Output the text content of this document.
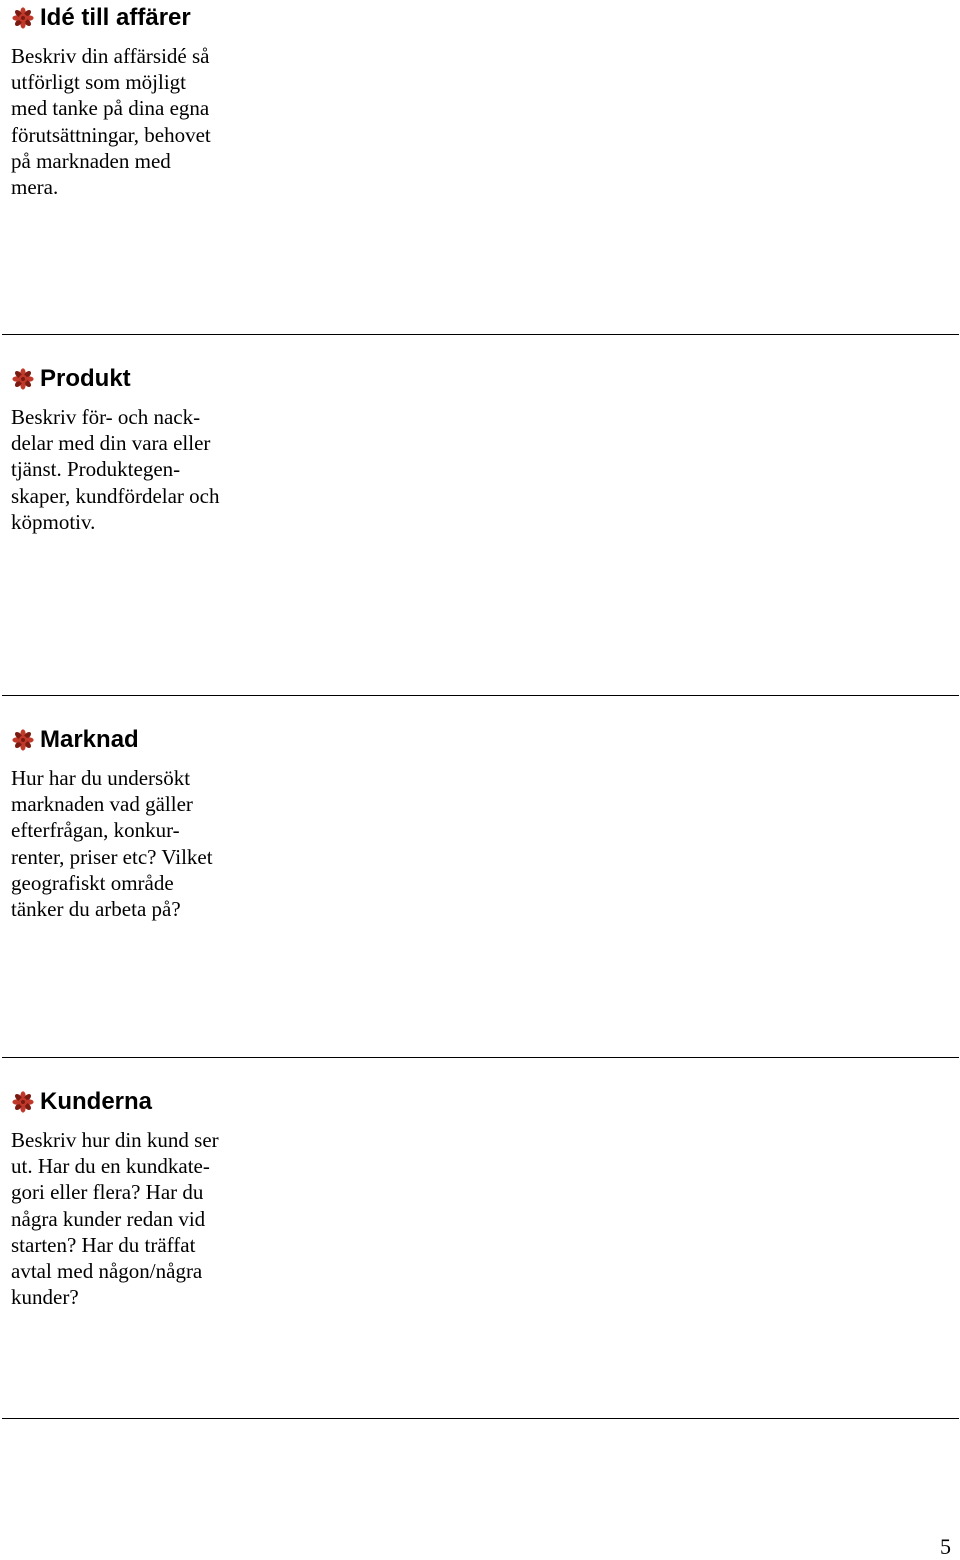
Idé till affärer
Beskriv din affärsidé så
utförligt som möjligt
med tanke på dina egna
förutsättningar, behovet
på marknaden med
mera.
Produkt
Beskriv för- och nack-
delar med din vara eller
tjänst. Produktegen-
skaper, kundfördelar och
köpmotiv.
Marknad
Hur har du undersökt
marknaden vad gäller
efterfrågan, konkur-
renter, priser etc? Vilket
geografiskt område
tänker du arbeta på?
Kunderna
Beskriv hur din kund ser
ut. Har du en kundkate-
gori eller flera? Har du
några kunder redan vid
starten? Har du träffat
avtal med någon/några
kunder?
5
